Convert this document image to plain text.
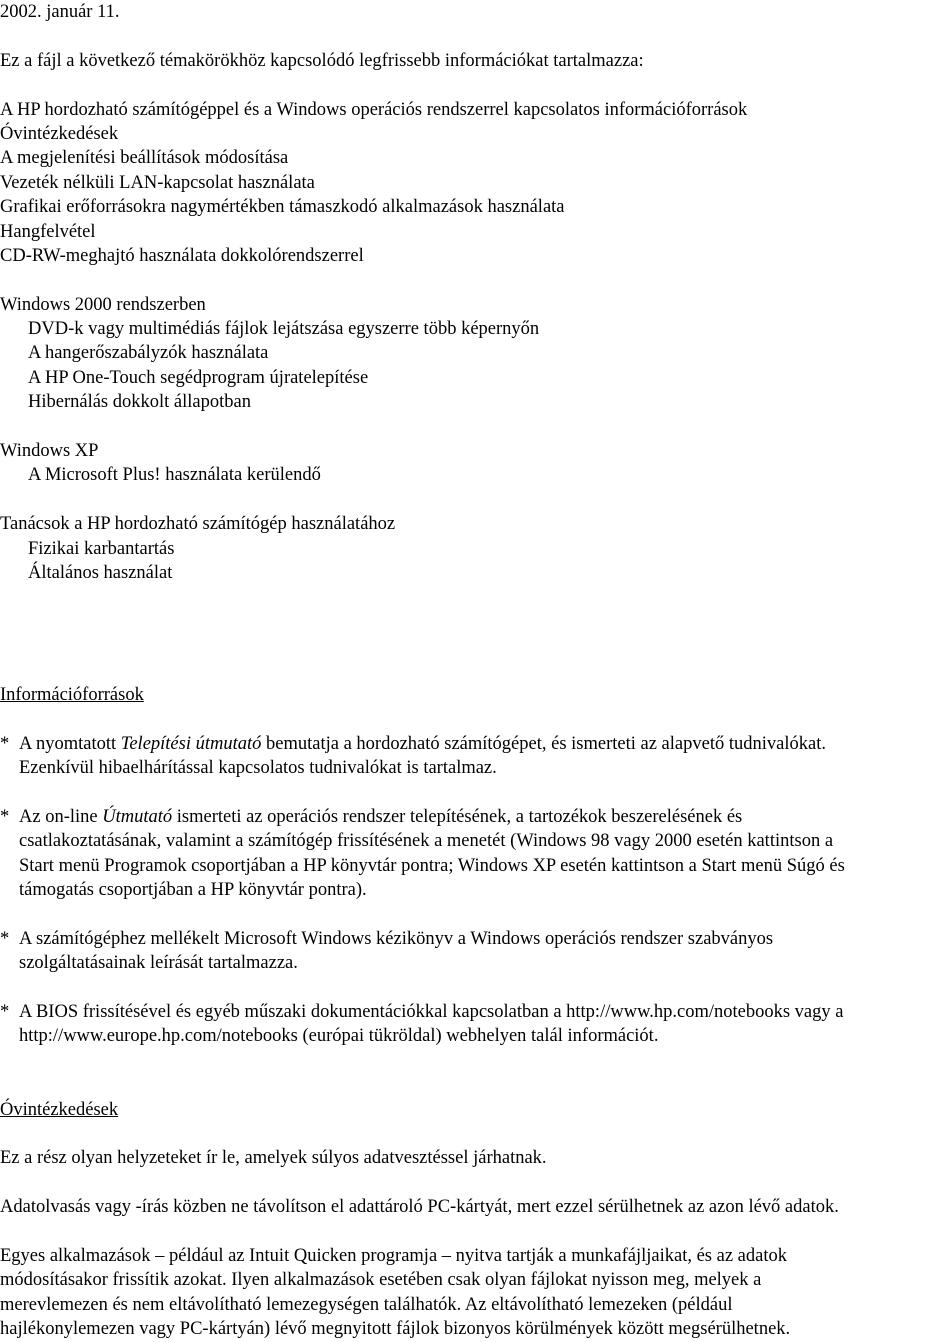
2002. január 11.

Ez a fájl a következő témakörökhöz kapcsolódó legfrissebb információkat tartalmazza:

A HP hordozható számítógéppel és a Windows operációs rendszerrel kapcsolatos információforrások

Óvintézkedések

A megjelenítési beállítások módosítása

Vezeték nélküli LAN-kapcsolat használata

Grafikai erőforrásokra nagymértékben támaszkodó alkalmazások használata

Hangfelvétel

CD-RW-meghajtó használata dokkolórendszerrel

Windows 2000 rendszerben

DVD-k vagy multimédiás fájlok lejátszása egyszerre több képernyőn

A hangerőszabályzók használata

A HP One-Touch segédprogram újratelepítése

Hibernálás dokkolt állapotban

Windows XP

A Microsoft Plus! használata kerülendő

Tanácsok a HP hordozható számítógép használatához

Fizikai karbantartás

Általános használat

Információforrások

* A nyomtatott Telepítési útmutató bemutatja a hordozható számítógépet, és ismerteti az alapvető tudnivalókat.

Ezenkívül hibaelhárítással kapcsolatos tudnivalókat is tartalmaz.

* Az on-line Útmutató ismerteti az operációs rendszer telepítésének, a tartozékok beszerelésének és

csatlakoztatásának, valamint a számítógép frissítésének a menetét (Windows 98 vagy 2000 esetén kattintson a

Start menü Programok csoportjában a HP könyvtár pontra; Windows XP esetén kattintson a Start menü Súgó és

támogatás csoportjában a HP könyvtár pontra).

* A számítógéphez mellékelt Microsoft Windows kézikönyv a Windows operációs rendszer szabványos

szolgáltatásainak leírását tartalmazza.

* A BIOS frissítésével és egyéb műszaki dokumentációkkal kapcsolatban a http://www.hp.com/notebooks vagy a

http://www.europe.hp.com/notebooks (európai tükröldal) webhelyen talál információt.

Óvintézkedések

Ez a rész olyan helyzeteket ír le, amelyek súlyos adatvesztéssel járhatnak.

Adatolvasás vagy -írás közben ne távolítson el adattároló PC-kártyát, mert ezzel sérülhetnek az azon lévő adatok.

Egyes alkalmazások – például az Intuit Quicken programja – nyitva tartják a munkafájljaikat, és az adatok

módosításakor frissítik azokat. Ilyen alkalmazások esetében csak olyan fájlokat nyisson meg, melyek a

merevlemezen és nem eltávolítható lemezegységen találhatók. Az eltávolítható lemezeken (például

hajlékonylemezen vagy PC-kártyán) lévő megnyitott fájlok bizonyos körülmények között megsérülhetnek.
